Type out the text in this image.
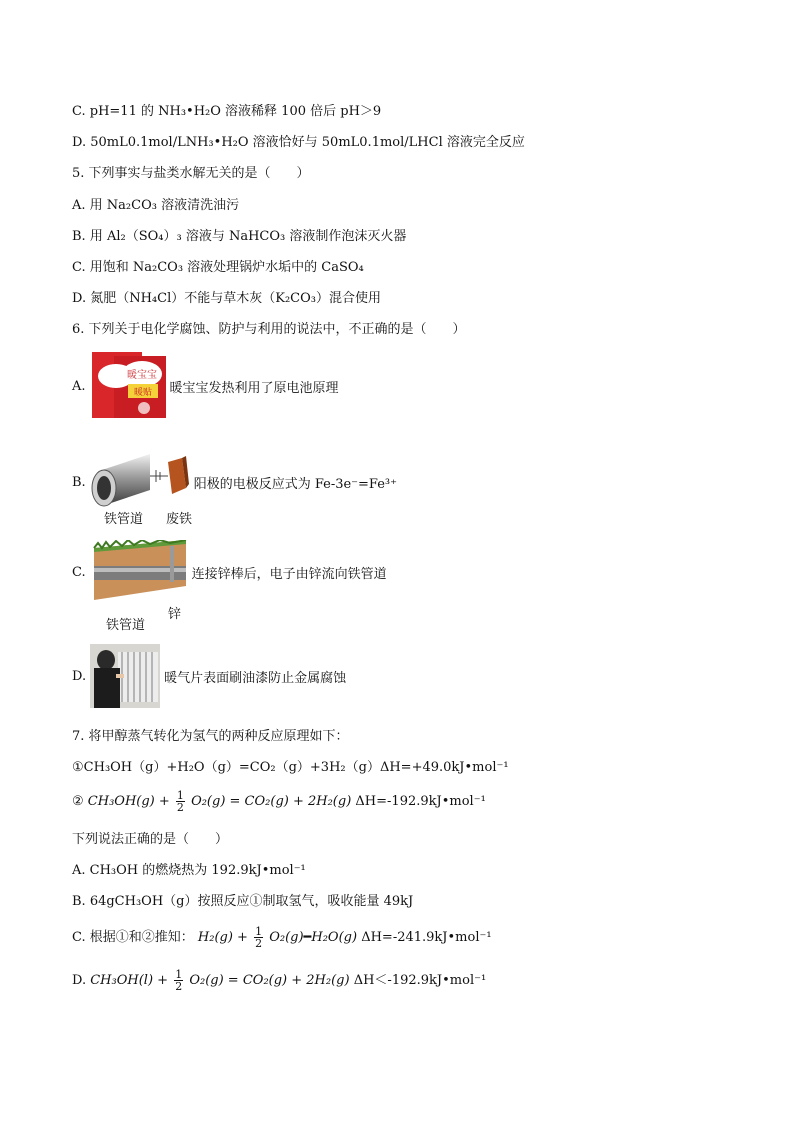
C. pH=11 的 NH₃•H₂O 溶液稀释 100 倍后 pH＞9
D. 50mL0.1mol/LNH₃•H₂O 溶液恰好与 50mL0.1mol/LHCl 溶液完全反应
5. 下列事实与盐类水解无关的是（　　）
A. 用 Na₂CO₃ 溶液清洗油污
B. 用 Al₂（SO₄）₃ 溶液与 NaHCO₃ 溶液制作泡沫灭火器
C. 用饱和 Na₂CO₃ 溶液处理锅炉水垢中的 CaSO₄
D. 氮肥（NH₄Cl）不能与草木灰（K₂CO₃）混合使用
6. 下列关于电化学腐蚀、防护与利用的说法中，不正确的是（　　）
A.
暖宝宝
暖贴 暖宝宝发热利用了原电池原理
B.	阳极的电极反应式为 Fe-3e⁻=Fe³⁺
铁管道 废铁
C.	连接锌棒后，电子由锌流向铁管道
铁管道
锌
D.	暖气片表面刷油漆防止金属腐蚀
7. 将甲醇蒸气转化为氢气的两种反应原理如下：
①CH₃OH（g）+H₂O（g）=CO₂（g）+3H₂（g）ΔH=+49.0kJ•mol⁻¹
② $CH_3OH(g) + \frac{1}{2} O_2(g) = CO_2(g) + 2H_2(g)$ ΔH=-192.9kJ•mol⁻¹
下列说法正确的是（　　）
A. CH₃OH 的燃烧热为 192.9kJ•mol⁻¹
B. 64gCH₃OH（g）按照反应①制取氢气，吸收能量 49kJ
C. 根据①和②推知： $H_2(g) + \frac{1}{2}$ O₂(g)━H₂O(g) ΔH=-241.9kJ•mol⁻¹
D. $CH_3OH(l) + \frac{1}{2} O_2(g) = CO_2(g) + 2H_2(g)$ ΔH＜-192.9kJ•mol⁻¹
